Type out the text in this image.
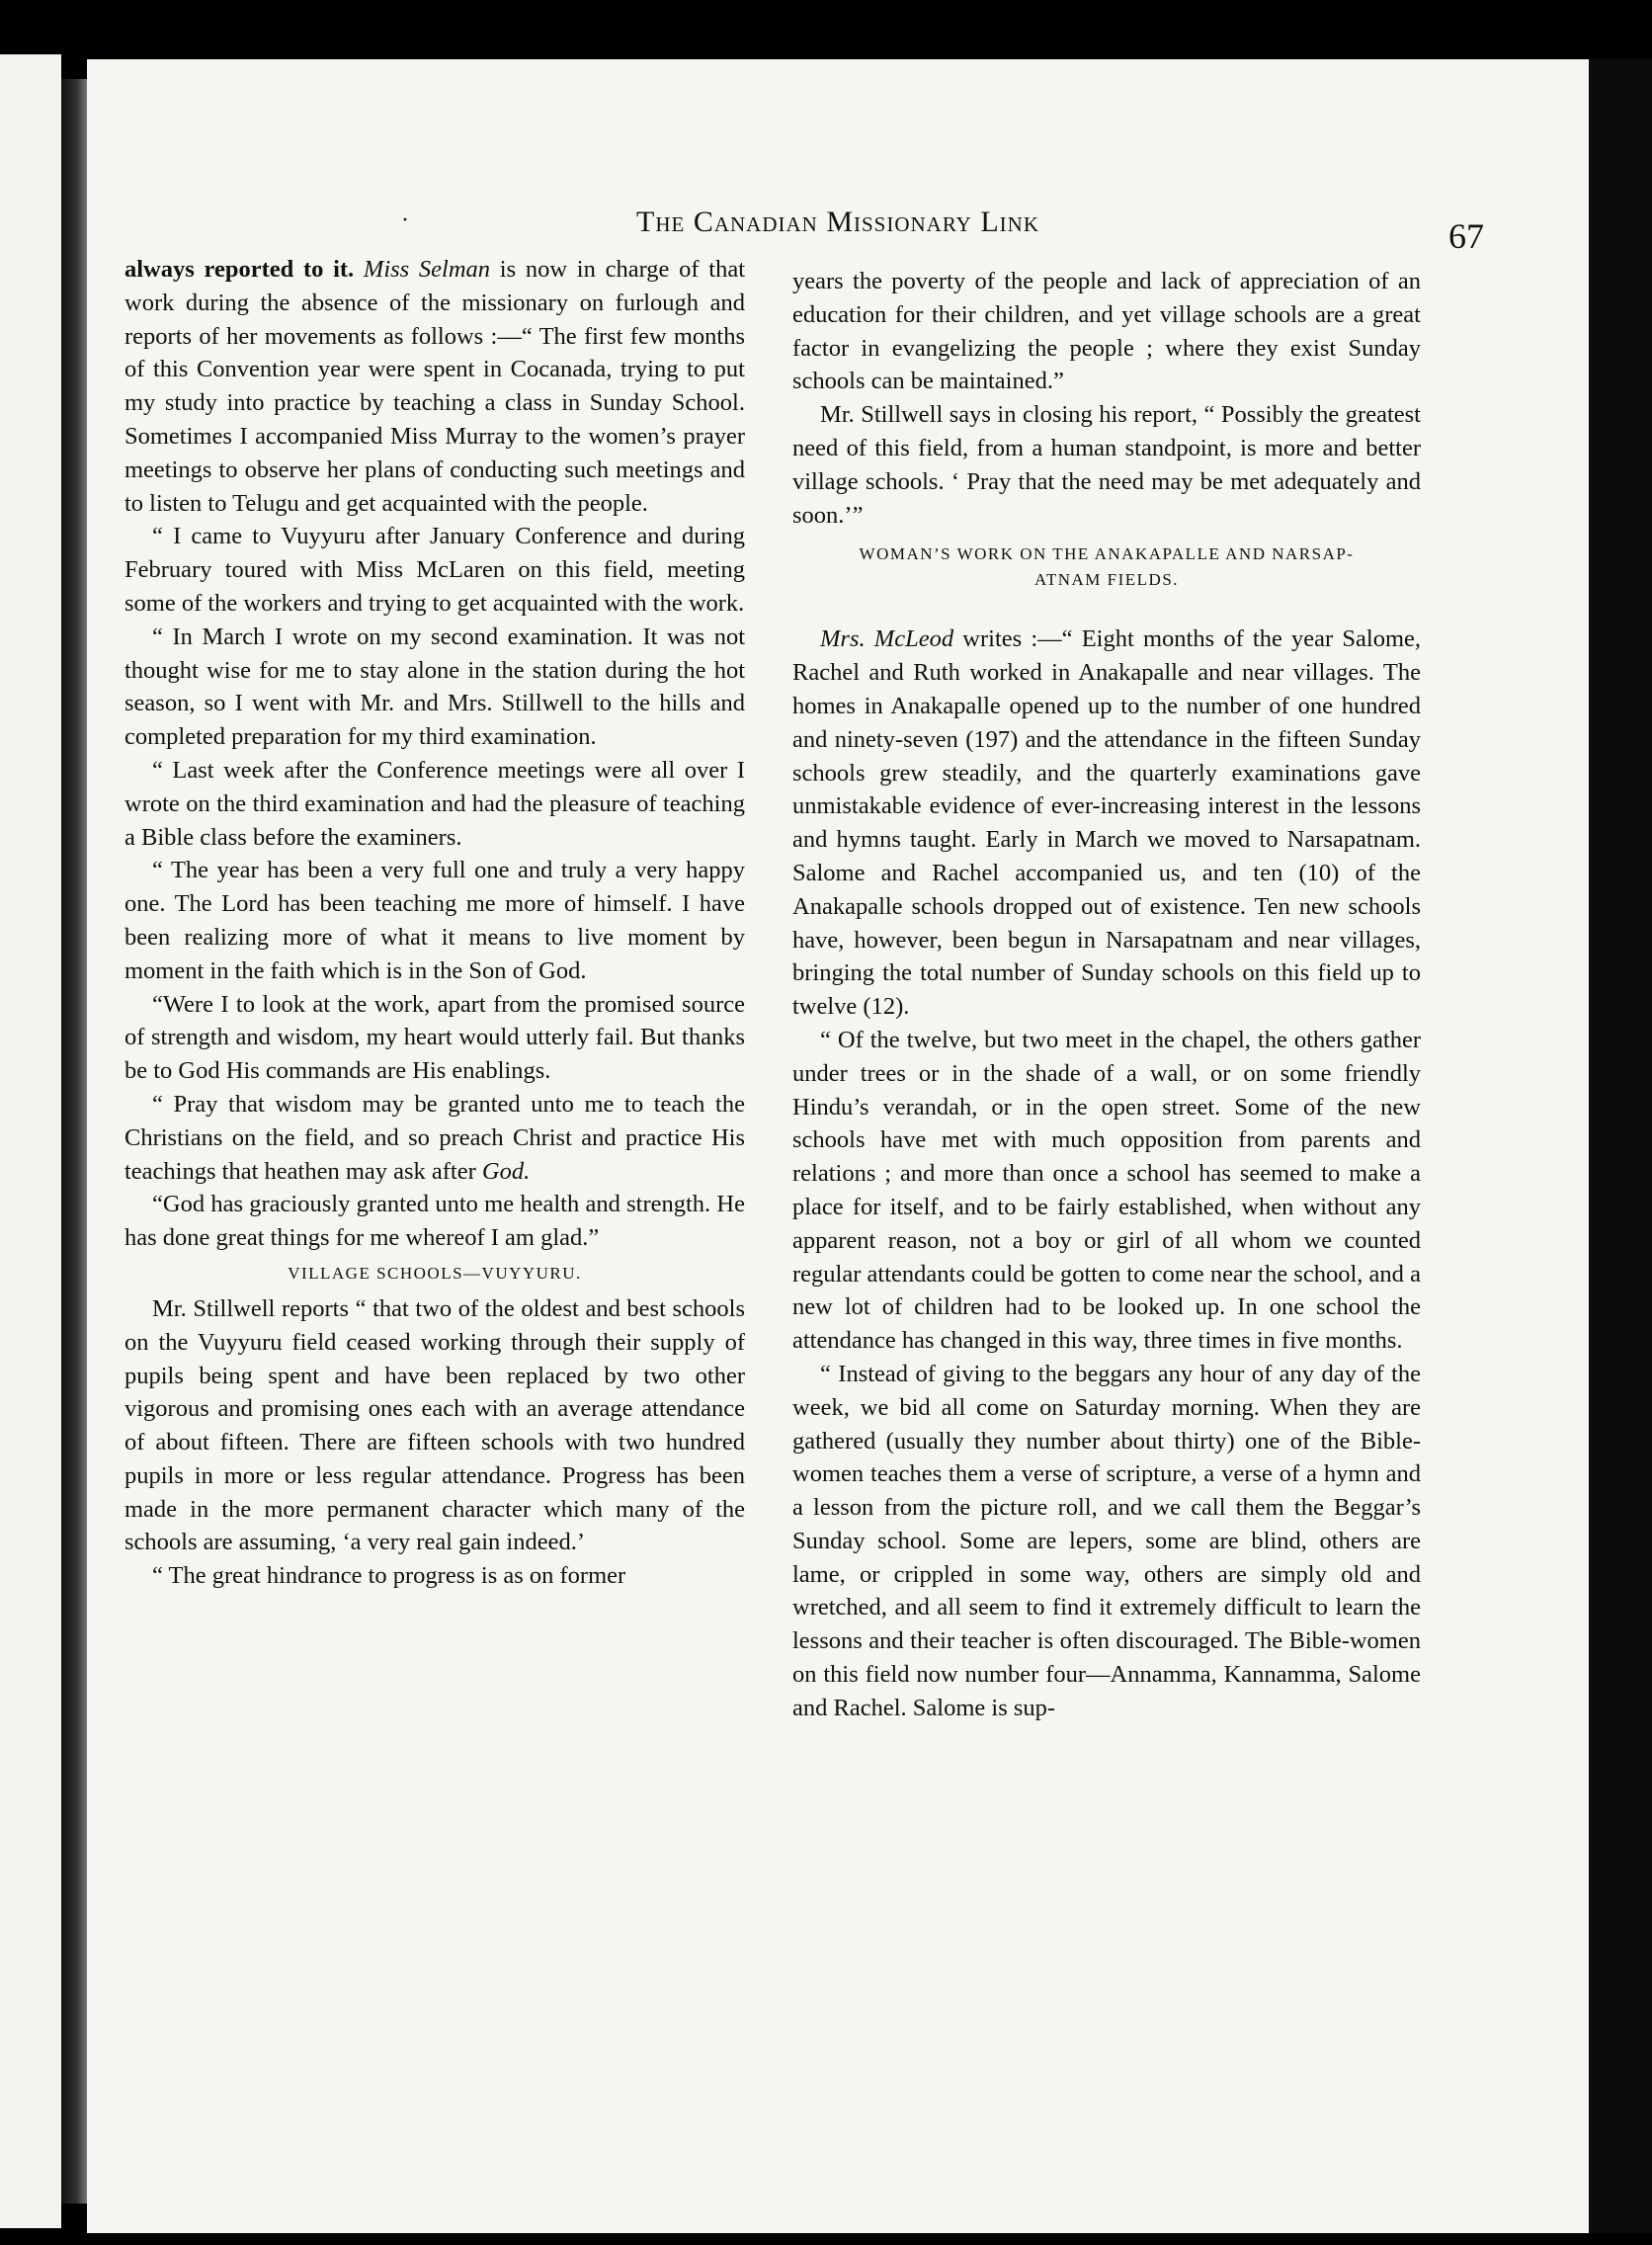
·	The Canadian Missionary Link	67

always reported to it. Miss Selman is now in charge of that work during the absence of the missionary on furlough and reports of her movements as follows :—“ The first few months of this Convention year were spent in Cocanada, trying to put my study into practice by teaching a class in Sunday School. Sometimes I accompanied Miss Murray to the women’s prayer meetings to observe her plans of conducting such meetings and to listen to Telugu and get acquainted with the people.

“ I came to Vuyyuru after January Conference and during February toured with Miss McLaren on this field, meeting some of the workers and trying to get acquainted with the work.

“ In March I wrote on my second examination. It was not thought wise for me to stay alone in the station during the hot season, so I went with Mr. and Mrs. Stillwell to the hills and completed preparation for my third examination.

“ Last week after the Conference meetings were all over I wrote on the third examination and had the pleasure of teaching a Bible class before the examiners.

“ The year has been a very full one and truly a very happy one. The Lord has been teaching me more of himself. I have been realizing more of what it means to live moment by moment in the faith which is in the Son of God.

“Were I to look at the work, apart from the promised source of strength and wisdom, my heart would utterly fail. But thanks be to God His commands are His enablings.

“ Pray that wisdom may be granted unto me to teach the Christians on the field, and so preach Christ and practice His teachings that heathen may ask after God.

“God has graciously granted unto me health and strength. He has done great things for me whereof I am glad.”

VILLAGE SCHOOLS—VUYYURU.

Mr. Stillwell reports “ that two of the oldest and best schools on the Vuyyuru field ceased working through their supply of pupils being spent and have been replaced by two other vigorous and promising ones each with an average attendance of about fifteen. There are fifteen schools with two hundred pupils in more or less regular attendance. Progress has been made in the more permanent character which many of the schools are assuming, ‘a very real gain indeed.’

“ The great hindrance to progress is as on former

years the poverty of the people and lack of appreciation of an education for their children, and yet village schools are a great factor in evangelizing the people ; where they exist Sunday schools can be maintained.”

Mr. Stillwell says in closing his report, “ Possibly the greatest need of this field, from a human standpoint, is more and better village schools. ‘ Pray that the need may be met adequately and soon.’”

WOMAN’S WORK ON THE ANAKAPALLE AND NARSAP-
ATNAM FIELDS.

Mrs. McLeod writes :—“ Eight months of the year Salome, Rachel and Ruth worked in Anakapalle and near villages. The homes in Anakapalle opened up to the number of one hundred and ninety-seven (197) and the attendance in the fifteen Sunday schools grew steadily, and the quarterly examinations gave unmistakable evidence of ever-increasing interest in the lessons and hymns taught. Early in March we moved to Narsapatnam. Salome and Rachel accompanied us, and ten (10) of the Anakapalle schools dropped out of existence. Ten new schools have, however, been begun in Narsapatnam and near villages, bringing the total number of Sunday schools on this field up to twelve (12).

“ Of the twelve, but two meet in the chapel, the others gather under trees or in the shade of a wall, or on some friendly Hindu’s verandah, or in the open street. Some of the new schools have met with much opposition from parents and relations ; and more than once a school has seemed to make a place for itself, and to be fairly established, when without any apparent reason, not a boy or girl of all whom we counted regular attendants could be gotten to come near the school, and a new lot of children had to be looked up. In one school the attendance has changed in this way, three times in five months.

“ Instead of giving to the beggars any hour of any day of the week, we bid all come on Saturday morning. When they are gathered (usually they number about thirty) one of the Bible-women teaches them a verse of scripture, a verse of a hymn and a lesson from the picture roll, and we call them the Beggar’s Sunday school. Some are lepers, some are blind, others are lame, or crippled in some way, others are simply old and wretched, and all seem to find it extremely difficult to learn the lessons and their teacher is often discouraged. The Bible-women on this field now number four—Annamma, Kannamma, Salome and Rachel. Salome is sup-
